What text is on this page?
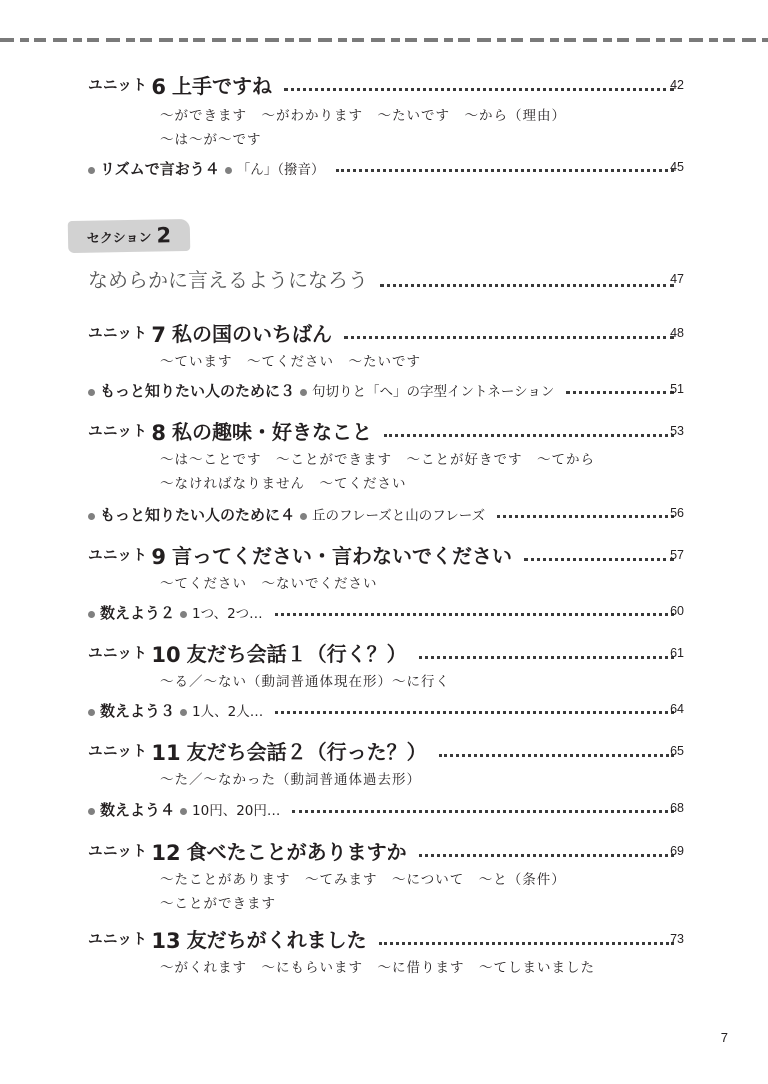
ユニット 6 上手ですね	42
〜ができます　〜がわかります　〜たいです　〜から（理由）
〜は〜が〜です
リズムで言おう４ 「ん」（撥音）	45
セクション 2
なめらかに言えるようになろう	47
ユニット 7 私の国のいちばん	48
〜ています　〜てください　〜たいです
もっと知りたい人のために３ 句切りと「へ」の字型イントネーション	51
ユニット 8 私の趣味・好きなこと	53
〜は〜ことです　〜ことができます　〜ことが好きです　〜てから
〜なければなりません　〜てください
もっと知りたい人のために４ 丘のフレーズと山のフレーズ	56
ユニット 9 言ってください・言わないでください	57
〜てください　〜ないでください
数えよう２ 1つ、2つ…	60
ユニット 10 友だち会話１（行く？）	61
〜る／〜ない（動詞普通体現在形）〜に行く
数えよう３ 1人、2人…	64
ユニット 11 友だち会話２（行った？）	65
〜た／〜なかった（動詞普通体過去形）
数えよう４ 10円、20円…	68
ユニット 12 食べたことがありますか	69
〜たことがあります　〜てみます　〜について　〜と（条件）
〜ことができます
ユニット 13 友だちがくれました	73
〜がくれます　〜にもらいます　〜に借ります　〜てしまいました
7
